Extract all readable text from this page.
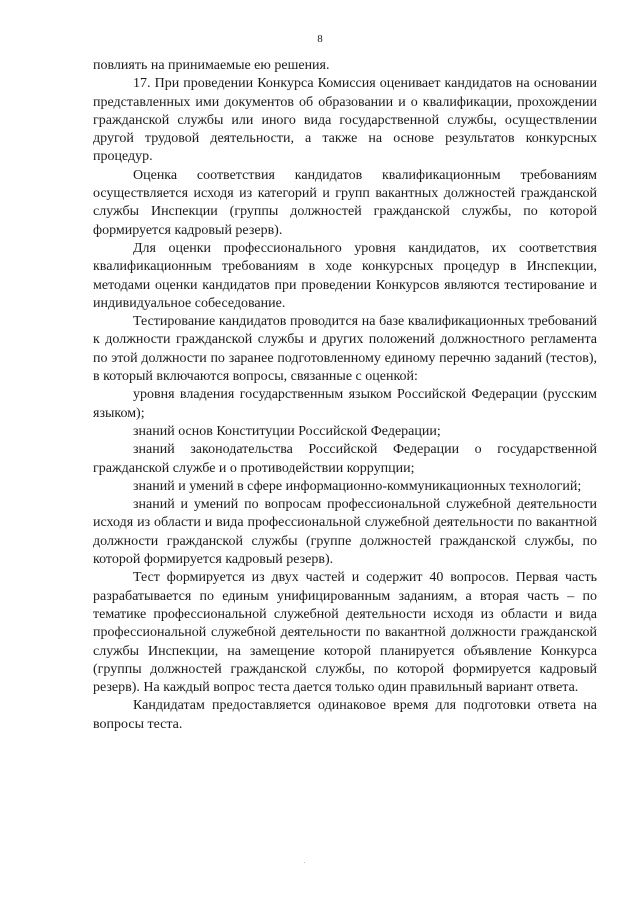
8

повлиять на принимаемые ею решения.

17. При проведении Конкурса Комиссия оценивает кандидатов на основании представленных ими документов об образовании и о квалификации, прохождении гражданской службы или иного вида государственной службы, осуществлении другой трудовой деятельности, а также на основе результатов конкурсных процедур.

Оценка соответствия кандидатов квалификационным требованиям осуществляется исходя из категорий и групп вакантных должностей гражданской службы Инспекции (группы должностей гражданской службы, по которой формируется кадровый резерв).

Для оценки профессионального уровня кандидатов, их соответствия квалификационным требованиям в ходе конкурсных процедур в Инспекции, методами оценки кандидатов при проведении Конкурсов являются тестирование и индивидуальное собеседование.

Тестирование кандидатов проводится на базе квалификационных требований к должности гражданской службы и других положений должностного регламента по этой должности по заранее подготовленному единому перечню заданий (тестов), в который включаются вопросы, связанные с оценкой:

уровня владения государственным языком Российской Федерации (русским языком);

знаний основ Конституции Российской Федерации;

знаний законодательства Российской Федерации о государственной гражданской службе и о противодействии коррупции;

знаний и умений в сфере информационно-коммуникационных технологий;

знаний и умений по вопросам профессиональной служебной деятельности исходя из области и вида профессиональной служебной деятельности по вакантной должности гражданской службы (группе должностей гражданской службы, по которой формируется кадровый резерв).

Тест формируется из двух частей и содержит 40 вопросов. Первая часть разрабатывается по единым унифицированным заданиям, а вторая часть – по тематике профессиональной служебной деятельности исходя из области и вида профессиональной служебной деятельности по вакантной должности гражданской службы Инспекции, на замещение которой планируется объявление Конкурса (группы должностей гражданской службы, по которой формируется кадровый резерв). На каждый вопрос теста дается только один правильный вариант ответа.

Кандидатам предоставляется одинаковое время для подготовки ответа на вопросы теста.
